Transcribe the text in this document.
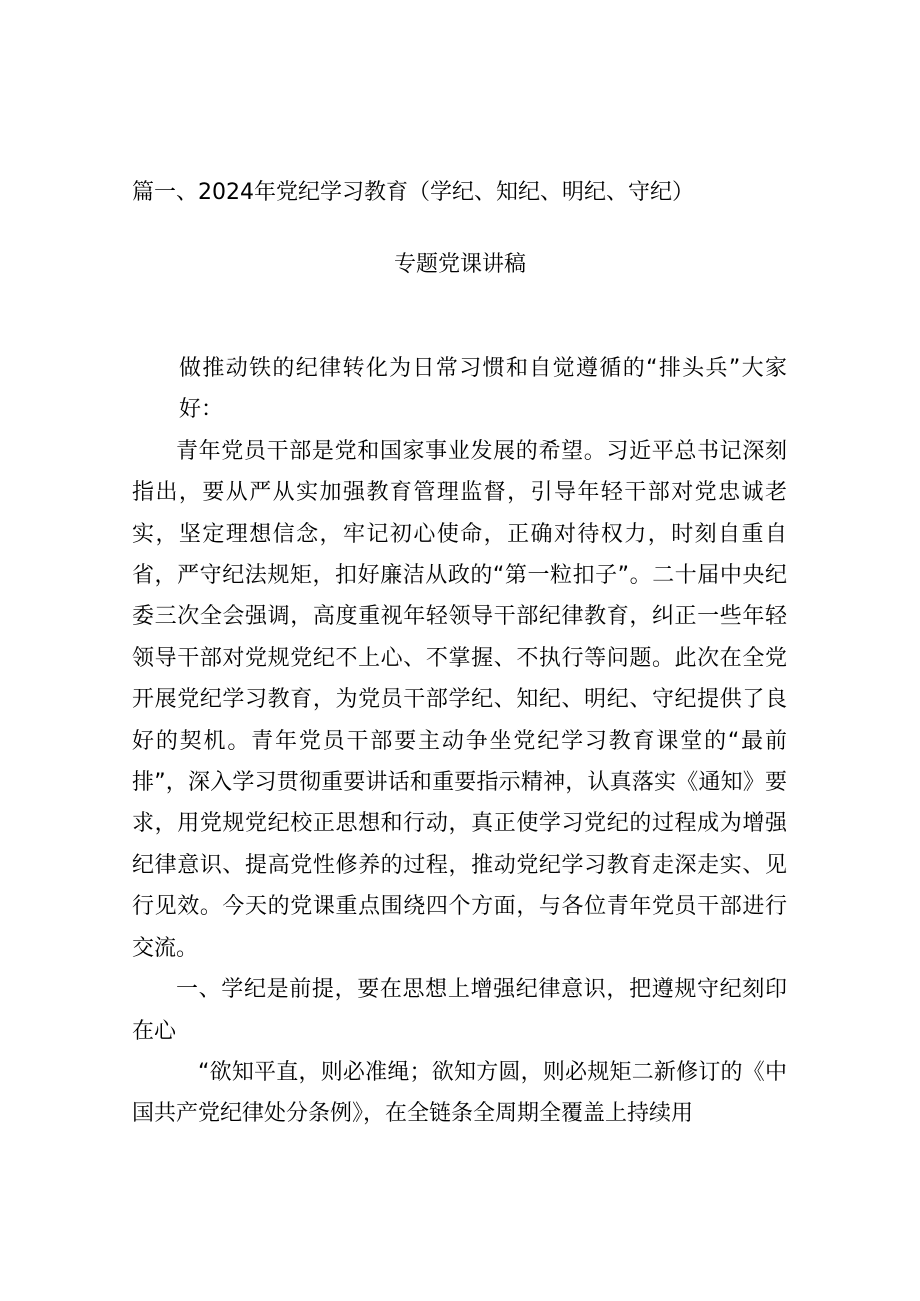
篇一、2024年党纪学习教育（学纪、知纪、明纪、守纪）
专题党课讲稿

做推动铁的纪律转化为日常习惯和自觉遵循的“排头兵”大家好：

青年党员干部是党和国家事业发展的希望。习近平总书记深刻指出，要从严从实加强教育管理监督，引导年轻干部对党忠诚老实，坚定理想信念，牢记初心使命，正确对待权力，时刻自重自省，严守纪法规矩，扣好廉洁从政的“第一粒扣子”。二十届中央纪委三次全会强调，高度重视年轻领导干部纪律教育，纠正一些年轻领导干部对党规党纪不上心、不掌握、不执行等问题。此次在全党开展党纪学习教育，为党员干部学纪、知纪、明纪、守纪提供了良好的契机。青年党员干部要主动争坐党纪学习教育课堂的“最前排”，深入学习贯彻重要讲话和重要指示精神，认真落实《通知》要求，用党规党纪校正思想和行动，真正使学习党纪的过程成为增强纪律意识、提高党性修养的过程，推动党纪学习教育走深走实、见行见效。今天的党课重点围绕四个方面，与各位青年党员干部进行交流。

一、学纪是前提，要在思想上增强纪律意识，把遵规守纪刻印在心

“欲知平直，则必准绳；欲知方圆，则必规矩二新修订的《中国共产党纪律处分条例》，在全链条全周期全覆盖上持续用
